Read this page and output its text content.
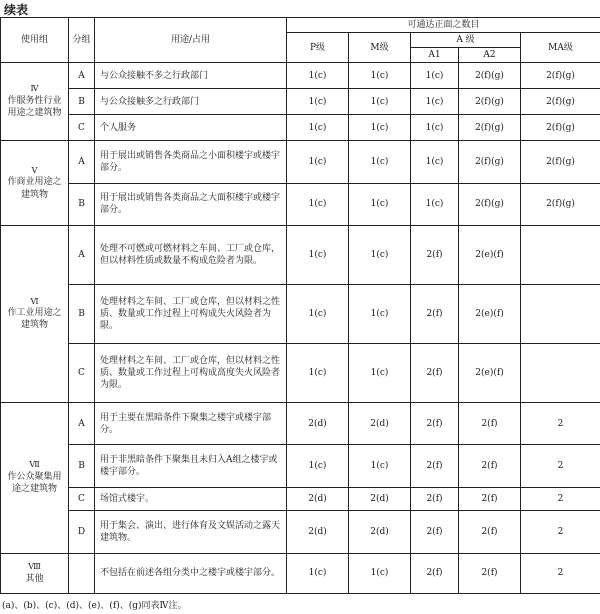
续表
使用组	分组	用途/占用	可通达正面之数目				
			P级	M级	A 级		MA级
					A1	A2	

Ⅳ
作服务性行业用途之建筑物	A	与公众接触不多之行政部门	1(c)	1(c)	1(c)	2(f)(g)	2(f)(g)
	B	与公众接触多之行政部门	1(c)	1(c)	1(c)	2(f)(g)	2(f)(g)
	C	个人服务	1(c)	1(c)	1(c)	2(f)(g)	2(f)(g)

Ⅴ
作商业用途之建筑物	A	用于展出或销售各类商品之小面积楼宇或楼宇部分。	1(c)	1(c)	1(c)	2(f)(g)	2(f)(g)
	B	用于展出或销售各类商品之大面积楼宇或楼宇部分。	1(c)	1(c)	1(c)	2(f)(g)	2(f)(g)

Ⅵ
作工业用途之建筑物	A	处理不可燃或可燃材料之车间、工厂或仓库，但以材料性质或数量不构成危险者为限。	1(c)	1(c)	2(f)	2(e)(f)	
	B	处理材料之车间、工厂或仓库，但以材料之性质、数量或工作过程上可构成失火风险者为限。	1(c)	1(c)	2(f)	2(e)(f)	
	C	处理材料之车间、工厂或仓库，但以材料之性质、数量或工作过程上可构成高度失火风险者为限。	1(c)	1(c)	2(f)	2(e)(f)	

Ⅶ
作公众聚集用途之建筑物	A	用于主要在黑暗条件下聚集之楼宇或楼宇部分。	2(d)	2(d)	2(f)	2(f)	2
	B	用于非黑暗条件下聚集且未归入A组之楼宇或楼宇部分。	1(c)	1(c)	2(f)	2(f)	2
	C	场馆式楼宇。	2(d)	2(d)	2(f)	2(f)	2
	D	用于集会、演出、进行体育及文娱活动之露天建筑物。	2(d)	2(d)	2(f)	2(f)	2

Ⅷ
其他		不包括在前述各组分类中之楼宇或楼宇部分。	1(c)	1(c)	2(f)	2(f)	2
(a)、(b)、(c)、(d)、(e)、(f)、(g)同表Ⅳ注。
